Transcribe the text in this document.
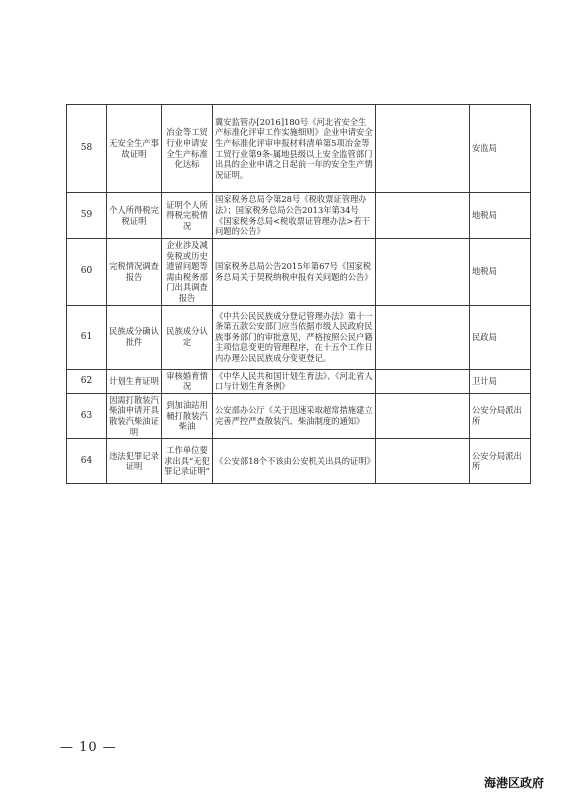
58	无安全生产事故证明	冶金等工贸行业申请安全生产标准化达标	冀安监管办[2016]180号《河北省安全生产标准化评审工作实施细则》企业申请安全生产标准化评审申报材料清单第5项冶金等工贸行业第9条-属地县级以上安全监管部门出具的企业申请之日起前一年的安全生产情况证明。		安监局
59	个人所得税完税证明	证明个人所得税完税情况	国家税务总局令第28号《税收票证管理办法》；国家税务总局公告2013年第34号《国家税务总局<税收票证管理办法>若干问题的公告》		地税局
60	完税情况调查报告	企业涉及减免税或历史遗留问题等需由税务部门出具调查报告	国家税务总局公告2015年第67号《国家税务总局关于契税纳税申报有关问题的公告》		地税局
61	民族成分确认批件	民族成分认定	《中共公民民族成分登记管理办法》第十一条第五款公安部门应当依据市级人民政府民族事务部门的审批意见，严格按照公民户籍主项信息变更的管理程序，在十五个工作日内办理公民民族成分变更登记。		民政局
62	计划生育证明	审核婚育情况	《中华人民共和国计划生育法》、《河北省人口与计划生育条例》		卫计局
63	因需打散装汽柴油申请开具散装汽柴油证明	到加油站用桶打散装汽柴油	公安部办公厅《关于迅速采取超常措施建立完善严控严查散装汽、柴油制度的通知》		公安分局派出所
64	违法犯罪记录证明	工作单位要求出具“无犯罪记录证明”	《公安部18个不该由公安机关出具的证明》		公安分局派出所
— 10 —
海港区政府
